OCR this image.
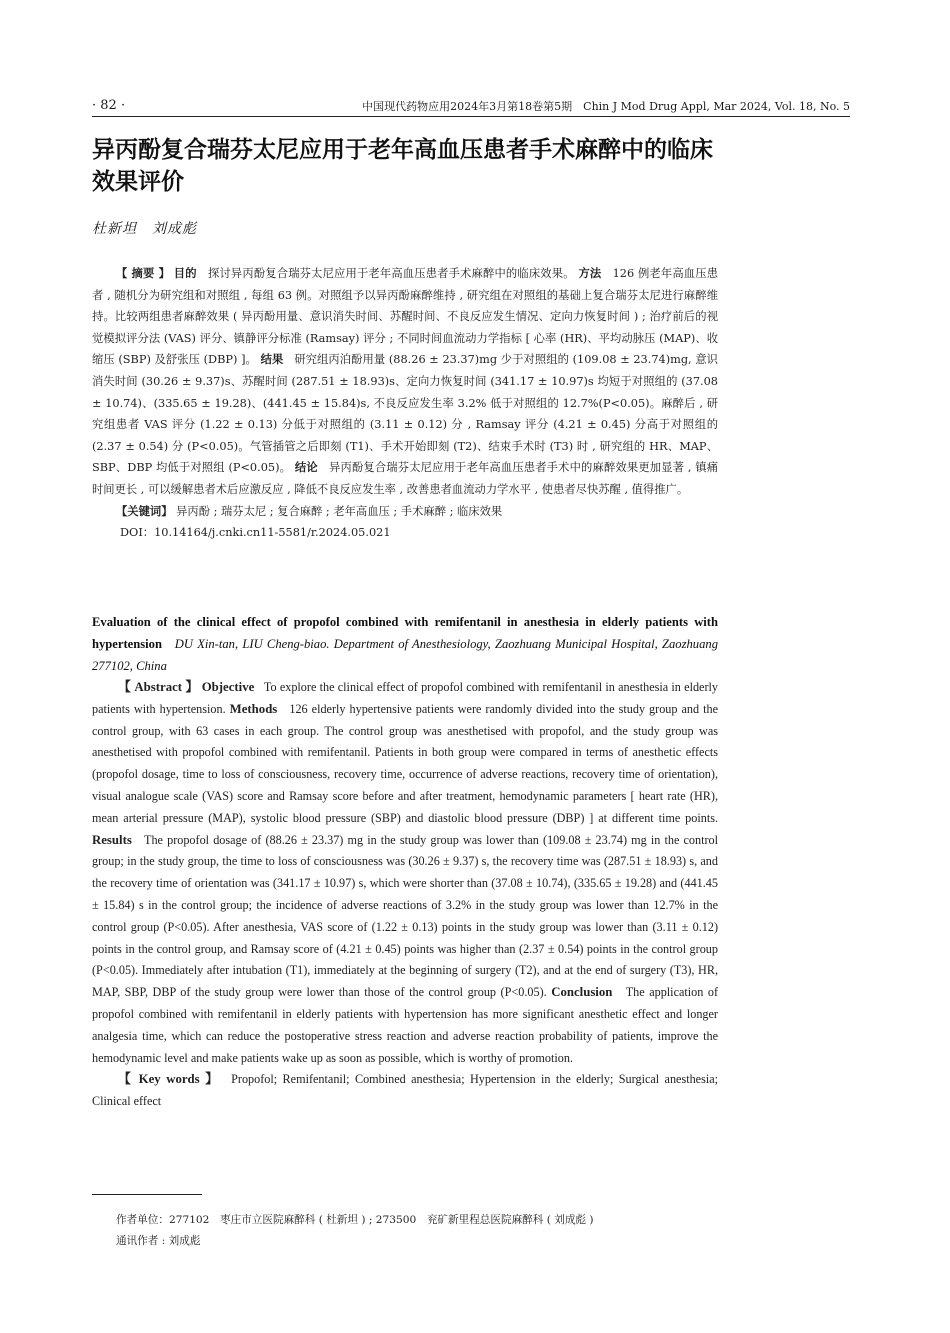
· 82 ·	中国现代药物应用2024年3月第18卷第5期　Chin J Mod Drug Appl, Mar 2024, Vol. 18, No. 5
异丙酚复合瑞芬太尼应用于老年高血压患者手术麻醉中的临床效果评价
杜新坦　刘成彪

【 摘要 】 目的 探讨异丙酚复合瑞芬太尼应用于老年高血压患者手术麻醉中的临床效果。 方法 126 例老年高血压患者 , 随机分为研究组和对照组 , 每组 63 例。对照组予以异丙酚麻醉维持 , 研究组在对照组的基础上复合瑞芬太尼进行麻醉维持。比较两组患者麻醉效果 ( 异丙酚用量、意识消失时间、苏醒时间、不良反应发生情况、定向力恢复时间 ) ; 治疗前后的视觉模拟评分法 (VAS) 评分、镇静评分标准 (Ramsay) 评分 ; 不同时间血流动力学指标 [ 心率 (HR)、平均动脉压 (MAP)、收缩压 (SBP) 及舒张压 (DBP) ]。 结果 研究组丙泊酚用量 (88.26 ± 23.37)mg 少于对照组的 (109.08 ± 23.74)mg, 意识消失时间 (30.26 ± 9.37)s、苏醒时间 (287.51 ± 18.93)s、定向力恢复时间 (341.17 ± 10.97)s 均短于对照组的 (37.08 ± 10.74)、(335.65 ± 19.28)、(441.45 ± 15.84)s, 不良反应发生率 3.2% 低于对照组的 12.7%(P<0.05)。麻醉后 , 研究组患者 VAS 评分 (1.22 ± 0.13) 分低于对照组的 (3.11 ± 0.12) 分 , Ramsay 评分 (4.21 ± 0.45) 分高于对照组的 (2.37 ± 0.54) 分 (P<0.05)。气管插管之后即刻 (T1)、手术开始即刻 (T2)、结束手术时 (T3) 时 , 研究组的 HR、MAP、SBP、DBP 均低于对照组 (P<0.05)。 结论 异丙酚复合瑞芬太尼应用于老年高血压患者手术中的麻醉效果更加显著 , 镇痛时间更长 , 可以缓解患者术后应激反应 , 降低不良反应发生率 , 改善患者血流动力学水平 , 使患者尽快苏醒 , 值得推广。

【关键词】 异丙酚 ; 瑞芬太尼 ; 复合麻醉 ; 老年高血压 ; 手术麻醉 ; 临床效果

DOI：10.14164/j.cnki.cn11-5581/r.2024.05.021

Evaluation of the clinical effect of propofol combined with remifentanil in anesthesia in elderly patients with hypertension DU Xin-tan, LIU Cheng-biao. Department of Anesthesiology, Zaozhuang Municipal Hospital, Zaozhuang 277102, China

【 Abstract 】 Objective To explore the clinical effect of propofol combined with remifentanil in anesthesia in elderly patients with hypertension. Methods 126 elderly hypertensive patients were randomly divided into the study group and the control group, with 63 cases in each group. The control group was anesthetised with propofol, and the study group was anesthetised with propofol combined with remifentanil. Patients in both group were compared in terms of anesthetic effects (propofol dosage, time to loss of consciousness, recovery time, occurrence of adverse reactions, recovery time of orientation), visual analogue scale (VAS) score and Ramsay score before and after treatment, hemodynamic parameters [ heart rate (HR), mean arterial pressure (MAP), systolic blood pressure (SBP) and diastolic blood pressure (DBP) ] at different time points. Results The propofol dosage of (88.26 ± 23.37) mg in the study group was lower than (109.08 ± 23.74) mg in the control group; in the study group, the time to loss of consciousness was (30.26 ± 9.37) s, the recovery time was (287.51 ± 18.93) s, and the recovery time of orientation was (341.17 ± 10.97) s, which were shorter than (37.08 ± 10.74), (335.65 ± 19.28) and (441.45 ± 15.84) s in the control group; the incidence of adverse reactions of 3.2% in the study group was lower than 12.7% in the control group (P<0.05). After anesthesia, VAS score of (1.22 ± 0.13) points in the study group was lower than (3.11 ± 0.12) points in the control group, and Ramsay score of (4.21 ± 0.45) points was higher than (2.37 ± 0.54) points in the control group (P<0.05). Immediately after intubation (T1), immediately at the beginning of surgery (T2), and at the end of surgery (T3), HR, MAP, SBP, DBP of the study group were lower than those of the control group (P<0.05). Conclusion The application of propofol combined with remifentanil in elderly patients with hypertension has more significant anesthetic effect and longer analgesia time, which can reduce the postoperative stress reaction and adverse reaction probability of patients, improve the hemodynamic level and make patients wake up as soon as possible, which is worthy of promotion.

【 Key words 】 Propofol; Remifentanil; Combined anesthesia; Hypertension in the elderly; Surgical anesthesia; Clinical effect

作者单位：277102　枣庄市立医院麻醉科 ( 杜新坦 ) ; 273500　兖矿新里程总医院麻醉科 ( 刘成彪 )
通讯作者 : 刘成彪
